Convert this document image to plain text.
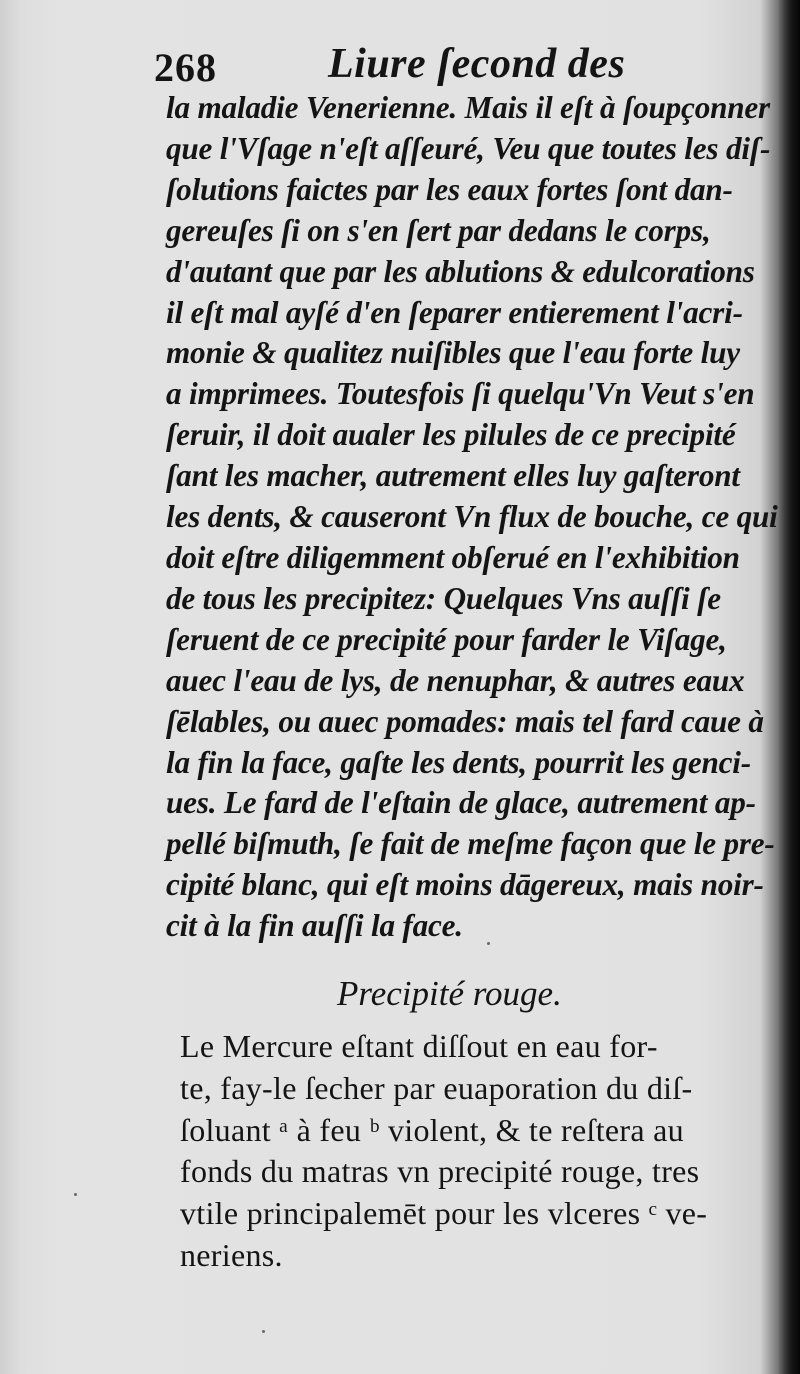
268	Liure ſecond des
la maladie Venerienne. Mais il eſt à ſoupçonner
que l'Vſage n'eſt aſſeuré, Veu que toutes les diſ-
ſolutions faictes par les eaux fortes ſont dan-
gereuſes ſi on s'en ſert par dedans le corps,
d'autant que par les ablutions & edulcorations
il eſt mal ayſé d'en ſeparer entierement l'acri-
monie & qualitez nuiſibles que l'eau forte luy
a imprimees. Toutesfois ſi quelqu'Vn Veut s'en
ſeruir, il doit aualer les pilules de ce precipité
ſant les macher, autrement elles luy gaſteront
les dents, & causeront Vn flux de bouche, ce qui
doit eſtre diligemment obſerué en l'exhibition
de tous les precipitez: Quelques Vns auſſi ſe
ſeruent de ce precipité pour farder le Viſage,
auec l'eau de lys, de nenuphar, & autres eaux
ſēlables, ou auec pomades: mais tel fard caue à
la fin la face, gaſte les dents, pourrit les genci-
ues. Le fard de l'eſtain de glace, autrement ap-
pellé biſmuth, ſe fait de meſme façon que le pre-
cipité blanc, qui eſt moins dāgereux, mais noir-
cit à la fin auſſi la face.
Precipité rouge.
Le Mercure eſtant diſſout en eau for-
te, fay-le ſecher par euaporation du diſ-
ſoluant ᵃ à feu ᵇ violent, & te reſtera au
fonds du matras vn precipité rouge, tres
vtile principalemēt pour les vlceres ᶜ ve-
neriens.
